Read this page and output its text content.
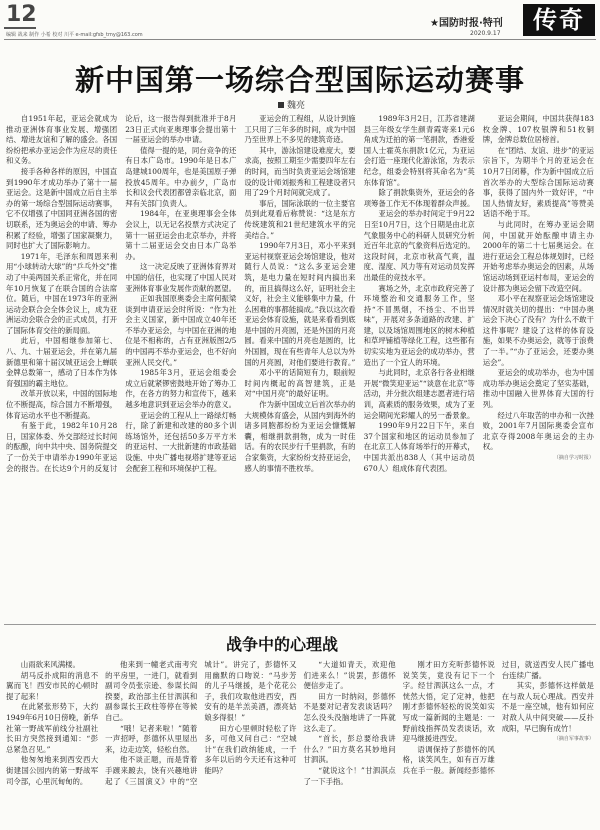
12
编辑 战来 制作 小希 校对 川平 e-mail:gfsb_tmy@163.com
★国防时报·特刊
2020.9.17	传奇
新中国第一场综合型国际运动赛事
魏亮

自1951年起，亚运会就成为推动亚洲体育事业发展、增强团结、增进友谊和了解的盛会。各国纷纷把承办亚运会作为应尽的责任和义务。

接手各种各样的原因，中国直到1990年才成功举办了第十一届亚运会。这是新中国成立后自主举办的第一场综合型国际运动赛事，它不仅增强了中国同亚洲各国的密切联系，还为奥运会的申请、筹办积累了经验，增强了国家凝聚力，同时也扩大了国际影响力。

1971年，毛泽东和周恩来利用“小球转动大球”的“乒乓外交”推动了中美两国关系正常化，并在同年10月恢复了在联合国的合法席位。随后，中国在1973年的亚洲运动会联合会全体会议上，成为亚洲运动会联合会的正式成员，打开了国际体育交往的新局面。

此后，中国相继参加第七、八、九、十届亚运会，并在第九届新德里和第十届汉城亚运会上蝉联金牌总数第一，感动了日本作为体育强国的霸主地位。

改革开放以来，中国的国际地位不断提高，综合国力不断增强，体育运动水平也不断提高。

有鉴于此，1982年10月28日，国家体委、外交部经过长时间的酝酿，向中共中央、国务院提交了一份关于申请举办1990年亚运会的报告。在长达9个月的反复讨论后，这一报告得到批准并于8月23日正式向亚奥理事会提出第十一届亚运会的举办申请。

值得一提的是，同台竞争的还有日本广岛市。1990年是日本广岛建城100周年，也是美国原子弹投放45周年。中办前夕，广岛市长和议会代表团都曾亲临北京，面拜有关部门负责人。

1984年，在亚奥理事会全体会议上，以无记名投票方式决定了第十一届亚运会由北京举办，并将第十二届亚运会交由日本广岛举办。

这一决定反映了亚洲体育界对中国的信任，也实现了中国人民对亚洲体育事业发展作贡献的愿望。

正如我国原奥委会主席何振梁谈到申请亚运会时所说：“作为社会主义国家，新中国成立40年还不举办亚运会，与中国在亚洲的地位是不相称的，占有亚洲版图2/5的中国再不举办亚运会，也不好向亚洲人民交代。”

1985年3月，亚运会组委会成立后就紧锣密鼓地开始了筹办工作，在各方的努力和宣传下，越来越多地意识到亚运会举办的意义。

亚运会的工程从上一路绿灯畅行，除了新建和改建的80多个训练场馆外，还包括50多万平方米的亚运村、一大批新建的市政基础设施、中央广播电视塔扩建等亚运会配套工程和环境保护工程。

亚运会的工程组，从设计到施工只用了三年多的时间，成为中国乃至世界上不多见的建筑奇迹。

其中，游泳馆建设难度大，要求高，按照工期至少需要四年左右的时间，而当时负责亚运会场馆建设的设计师刘振秀和工程建设者只用了29个月时间就完成了。

事后，国际泳联的一位主要官员到此观看后称赞说：“这是东方传统建筑和21世纪建筑水平的完美结合。”

1990年7月3日，邓小平来到亚运村视察亚运会场馆建设，他对随行人员说：“这么多亚运会建筑，是电力量在短时间内搞出来的，而且搞得这么好，证明社会主义好，社会主义能够集中力量，什么困难的事都能搞成。”我以这次看亚运会体育设施，就是来看看到底是中国的月亮圆，还是外国的月亮圆。看来中国的月亮也是圆的，比外国圆，现在有些青年人总以为外国的月亮圆，对他们要进行教育。”

邓小平的话简短有力，眼前短时间内概起的高智建筑，正是对“中国月亮”的最好证明。

作为新中国成立后首次举办的大规模体育盛会，从国内到海外的诸多同胞都纷纷为亚运会慷慨解囊，相继捐款捐物，成为一时佳话。有的农民步行千里捐款，有的合家集资，大家纷纷支持亚运会，感人的事情不胜枚举。

1989年3月2日，江苏省建湖县三年级女学生颜青霞寄来1元6角成为迁拍的第一笔捐款，香港爱国人士霍英东捐款1亿元，为亚运会打造一座现代化游泳馆，为表示纪念，组委会特别将其命名为“英东体育馆”。

除了捐款集资外，亚运会的各项筹备工作无不体现着群众声援。

亚运会的举办时间定于9月22日至10月7日，这个日期是由北京气象服务中心的科研人员研究分析近百年北京的气象资料后选定的。这段时间，北京市秋高气爽，温度、湿度、风力等有对运动员发挥出最佳的竞技水平。

赛场之外，北京市政府完善了环境整治和交通服务工作，坚持“不冒黑烟，不扬尘、不出异味”，开展对多条道路的改建、扩建，以及场馆周围地区的树木种植和草坪铺植等绿化工程，这些都有切实实地为亚运会的成功举办，营造出了一个宜人的环境。

与此同时，北京各行各业相继开展“微笑迎亚运”“谈意在北京”等活动，并分批次组建志愿者进行培训，高素质的服务效果，成为了亚运会期间光彩耀人的另一番景象。

1990年9月22日下午，来自37个国家和地区的运动员参加了在北京工人体育场举行的开幕式，中国共派出838人（其中运动员670人）组成体育代表团。

亚运会期间，中国共获得183枚金牌、107枚银牌和51枚铜牌，金牌总数位居榜首。

在“团结、友谊、进步”的亚运宗旨下，为期半个月的亚运会在10月7日闭幕，作为新中国成立后首次举办的大型综合国际运动赛事，获得了国内外一致好评，“中国人热情友好，素质提高”等赞美话语不绝于耳。

与此同时，在筹办亚运会期间，中国就开始酝酿申请主办2000年的第二十七届奥运会。在进行亚运会工程总体规划时，已经开始考虑举办奥运会的因素，从场馆运动场到亚运村布局，亚运会的设计都为奥运会留下改造空间。

邓小平在视察亚运会场馆建设情况时就关切的提出：“中国办奥运会下决心了没有？为什么不敢干这件事呢？建设了这样的体育设施，如果不办奥运会，就等于浪费了一半。”“办了亚运会，还要办奥运会”。

亚运会的成功举办，也为中国成功举办奥运会奠定了坚实基础，推动中国融入世界体育大国的行列。

经过八年取苦的申办和一次挫败，2001年7月国际奥委会宣布北京夺得2008年奥运会的主办权。

（摘自学习时报）
战争中的心理战

山雨欲来风满楼。

胡马反扑成阳的消息不翼而飞！西安市民的心顿时提了起来！

在此紧张形势下，大约1949年6月10日傍晚，新华社第一野战军前线分社副社长田方突然接到通知：“彭总紧急召见。”

他匆匆地来到西安西大街建国公园内的第一野战军司令部，心里沉甸甸的。

他来到一幢老式南考究的平房里，一进门，就看到副司令员张宗逊、参谋长阎揆要，政治部主任甘泗淇和副参谋长王政柱等停在等候自己。

“哦！记者来啦！”随着一声招呼，彭德怀从里屋出来，边走边笑，轻松自然。

他不谈正题，而是背着手踱来踱去，饶有兴趣地讲起了《三国演义》中的“空城计”。讲完了，彭德怀又用幽默的口吻说：“马步芳的儿子马继援，是个花花公子，我们攻取他进西安，西安有的是羊羔美酒，漂亮姑娘多得很！”

田方心里顿时轻松了许多，可他又问自己：“空城计”在我们政纳能成，一千多年以后的今天还有这种可能吗？

“大道如青天，欢迎他们进来么！”说罢，彭德怀便信步走了。

田方一时纳闷，彭德怀不是要对记者发表谈话吗？怎么没头没脑地讲了一阵就这么走了。

“首长，彭总要给我讲什么？”田方莫名其妙地问甘泗淇。

“就说这个！”甘泗淇点了一下手指。

刚才田方充听彭德怀说说笑笑，竟没有记下一个字。经甘泗淇这么一点，才恍然大悟，定了定神，他把刚才彭德怀轻松的说笑如实写成一篇新闻的主题是：一野前线指挥员发表谈话，欢迎马继援进西安。

语调保持了彭德怀的风格，谈笑风生，如有百万雄兵在手一般。新闻经彭德怀过目，就送西安人民广播电台连续广播。

其实，彭德怀这样做是在与敌人玩心理战。西安并不是一座空城，他有如何应对敌人从中间突破——反扑成阳，早已胸有成竹！

（摘自军事故事）
